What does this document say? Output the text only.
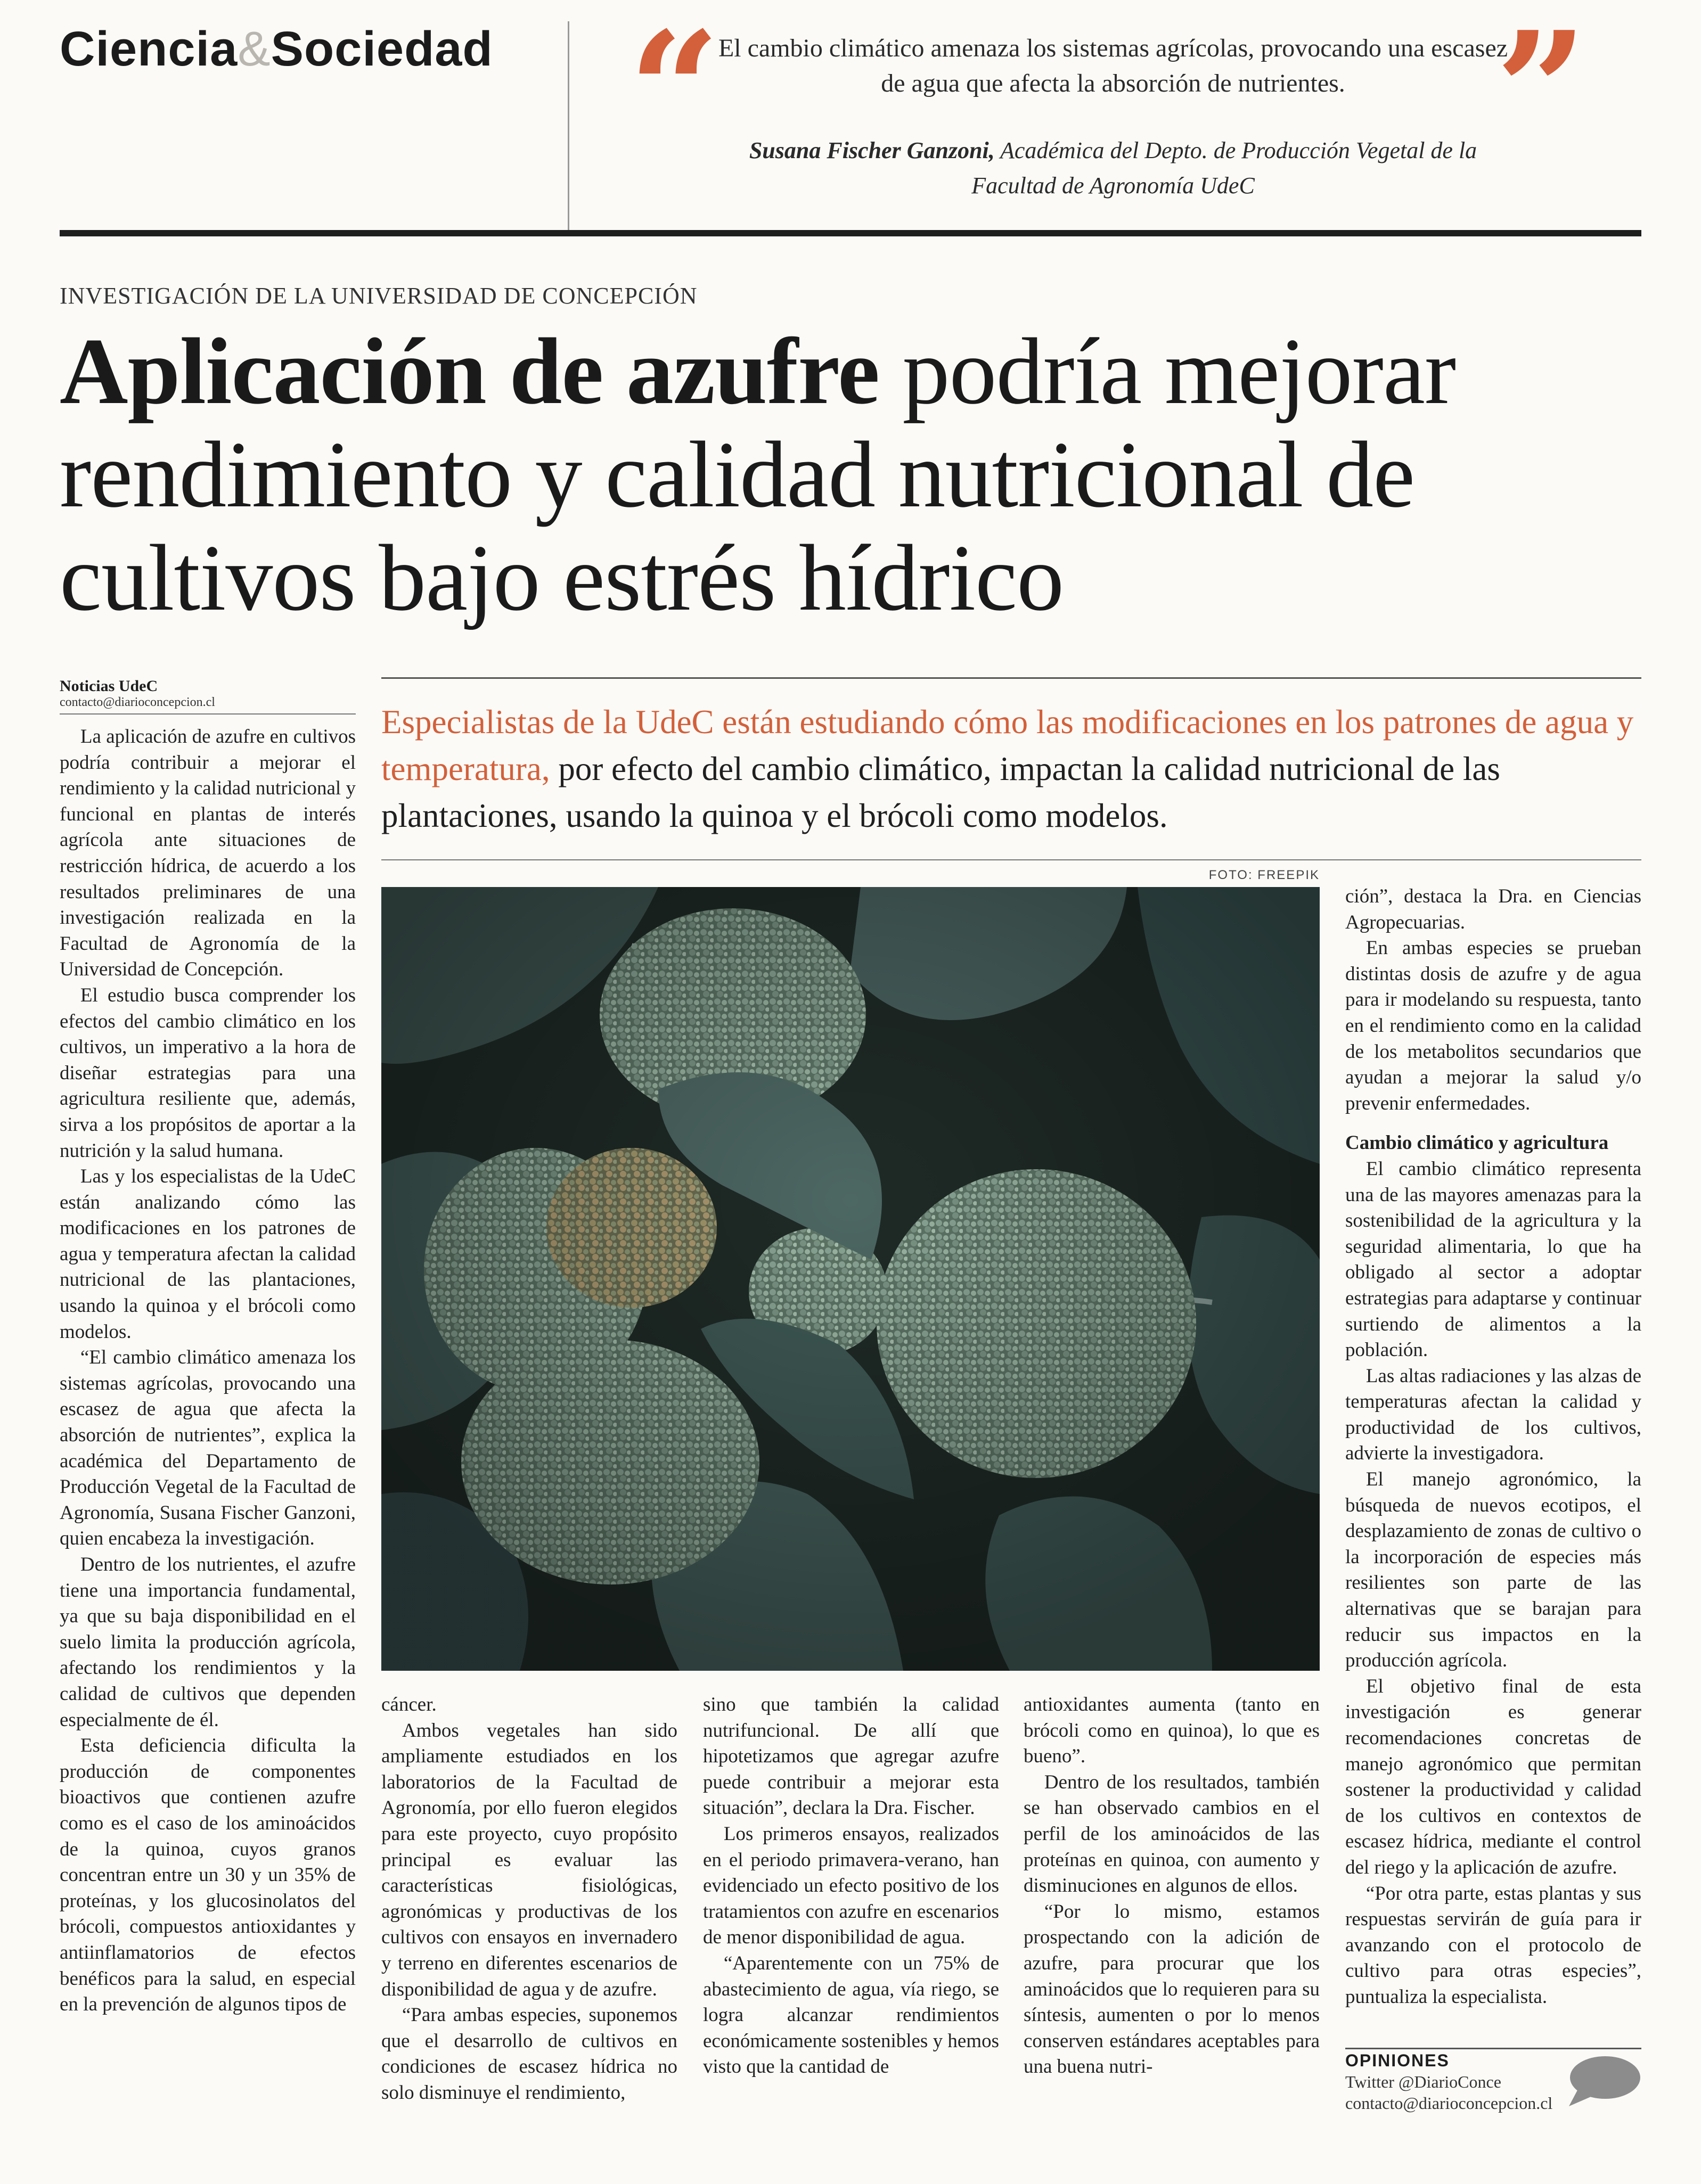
Ciencia&Sociedad “	”
El cambio climático amenaza los sistemas agrícolas, provocando una escasez de agua que afecta la absorción de nutrientes.
Susana Fischer Ganzoni, Académica del Depto. de Producción Vegetal de la Facultad de Agronomía UdeC
INVESTIGACIÓN DE LA UNIVERSIDAD DE CONCEPCIÓN
Aplicación de azufre podría mejorar rendimiento y calidad nutricional de cultivos bajo estrés hídrico
Noticias UdeC
contacto@diarioconcepcion.cl
Especialistas de la UdeC están estudiando cómo las modificaciones en los patrones de agua y temperatura, por efecto del cambio climático, impactan la calidad nutricional de las plantaciones, usando la quinoa y el brócoli como modelos.
FOTO: FREEPIK

La aplicación de azufre en cultivos podría contribuir a mejorar el rendimiento y la calidad nutricional y funcional en plantas de interés agrícola ante situaciones de restricción hídrica, de acuerdo a los resultados preliminares de una investigación realizada en la Facultad de Agronomía de la Universidad de Concepción.

El estudio busca comprender los efectos del cambio climático en los cultivos, un imperativo a la hora de diseñar estrategias para una agricultura resiliente que, además, sirva a los propósitos de aportar a la nutrición y la salud humana.

Las y los especialistas de la UdeC están analizando cómo las modificaciones en los patrones de agua y temperatura afectan la calidad nutricional de las plantaciones, usando la quinoa y el brócoli como modelos.

“El cambio climático amenaza los sistemas agrícolas, provocando una escasez de agua que afecta la absorción de nutrientes”, explica la académica del Departamento de Producción Vegetal de la Facultad de Agronomía, Susana Fischer Ganzoni, quien encabeza la investigación.

Dentro de los nutrientes, el azufre tiene una importancia fundamental, ya que su baja disponibilidad en el suelo limita la producción agrícola, afectando los rendimientos y la calidad de cultivos que dependen especialmente de él.

Esta deficiencia dificulta la producción de componentes bioactivos que contienen azufre como es el caso de los aminoácidos de la quinoa, cuyos granos concentran entre un 30 y un 35% de proteínas, y los glucosinolatos del brócoli, compuestos antioxidantes y antiinflamatorios de efectos benéficos para la salud, en especial en la prevención de algunos tipos de

cáncer.

Ambos vegetales han sido ampliamente estudiados en los laboratorios de la Facultad de Agronomía, por ello fueron elegidos para este proyecto, cuyo propósito principal es evaluar las características fisiológicas, agronómicas y productivas de los cultivos con ensayos en invernadero y terreno en diferentes escenarios de disponibilidad de agua y de azufre.

“Para ambas especies, suponemos que el desarrollo de cultivos en condiciones de escasez hídrica no solo disminuye el rendimiento,

sino que también la calidad nutrifuncional. De allí que hipotetizamos que agregar azufre puede contribuir a mejorar esta situación”, declara la Dra. Fischer.

Los primeros ensayos, realizados en el periodo primavera-verano, han evidenciado un efecto positivo de los tratamientos con azufre en escenarios de menor disponibilidad de agua.

“Aparentemente con un 75% de abastecimiento de agua, vía riego, se logra alcanzar rendimientos económicamente sostenibles y hemos visto que la cantidad de

antioxidantes aumenta (tanto en brócoli como en quinoa), lo que es bueno”.

Dentro de los resultados, también se han observado cambios en el perfil de los aminoácidos de las proteínas en quinoa, con aumento y disminuciones en algunos de ellos.

“Por lo mismo, estamos prospectando con la adición de azufre, para procurar que los aminoácidos que lo requieren para su síntesis, aumenten o por lo menos conserven estándares aceptables para una buena nutri-

ción”, destaca la Dra. en Ciencias Agropecuarias.

En ambas especies se prueban distintas dosis de azufre y de agua para ir modelando su respuesta, tanto en el rendimiento como en la calidad de los metabolitos secundarios que ayudan a mejorar la salud y/o prevenir enfermedades.

Cambio climático y agricultura

El cambio climático representa una de las mayores amenazas para la sostenibilidad de la agricultura y la seguridad alimentaria, lo que ha obligado al sector a adoptar estrategias para adaptarse y continuar surtiendo de alimentos a la población.

Las altas radiaciones y las alzas de temperaturas afectan la calidad y productividad de los cultivos, advierte la investigadora.

El manejo agronómico, la búsqueda de nuevos ecotipos, el desplazamiento de zonas de cultivo o la incorporación de especies más resilientes son parte de las alternativas que se barajan para reducir sus impactos en la producción agrícola.

El objetivo final de esta investigación es generar recomendaciones concretas de manejo agronómico que permitan sostener la productividad y calidad de los cultivos en contextos de escasez hídrica, mediante el control del riego y la aplicación de azufre.

“Por otra parte, estas plantas y sus respuestas servirán de guía para ir avanzando con el protocolo de cultivo para otras especies”, puntualiza la especialista.

OPINIONES
Twitter @DiarioConce
contacto@diarioconcepcion.cl
